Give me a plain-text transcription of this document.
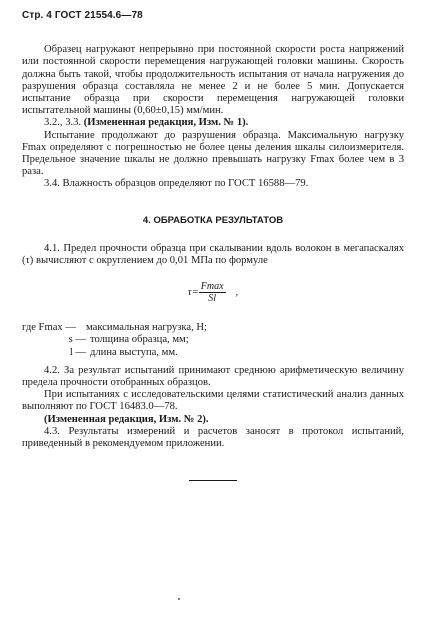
Стр. 4 ГОСТ 21554.6—78

Образец нагружают непрерывно при постоянной скорости роста напряжений или постоянной скорости перемещения нагружающей головки машины. Скорость должна быть такой, чтобы продолжительность испытания от начала нагружения до разрушения образца составляла не менее 2 и не более 5 мин. Допускается испытание образца при скорости перемещения нагружающей головки испытательной машины (0,60±0,15) мм/мин.

3.2., 3.3. (Измененная редакция, Изм. № 1).

Испытание продолжают до разрушения образца. Максимальную нагрузку Fmax определяют с погрешностью не более цены деления шкалы силоизмерителя. Предельное значение шкалы не должно превышать нагрузку Fmax более чем в 3 раза.

3.4. Влажность образцов определяют по ГОСТ 16588—79.

4. ОБРАБОТКА РЕЗУЛЬТАТОВ

4.1. Предел прочности образца при скалывании вдоль волокон в мегапаскалях (τ) вычисляют с округлением до 0,01 МПа по формуле

$\tau= \frac{Fmax}{Sl}$ ,
где Fmax — максимальная нагрузка, Н;
s — толщина образца, мм;
l — длина выступа, мм.

4.2. За результат испытаний принимают среднюю арифметическую величину предела прочности отобранных образцов.

При испытаниях с исследовательскими целями статистический анализ данных выполняют по ГОСТ 16483.0—78.

(Измененная редакция, Изм. № 2).

4.3. Результаты измерений и расчетов заносят в протокол испытаний, приведенный в рекомендуемом приложении.
